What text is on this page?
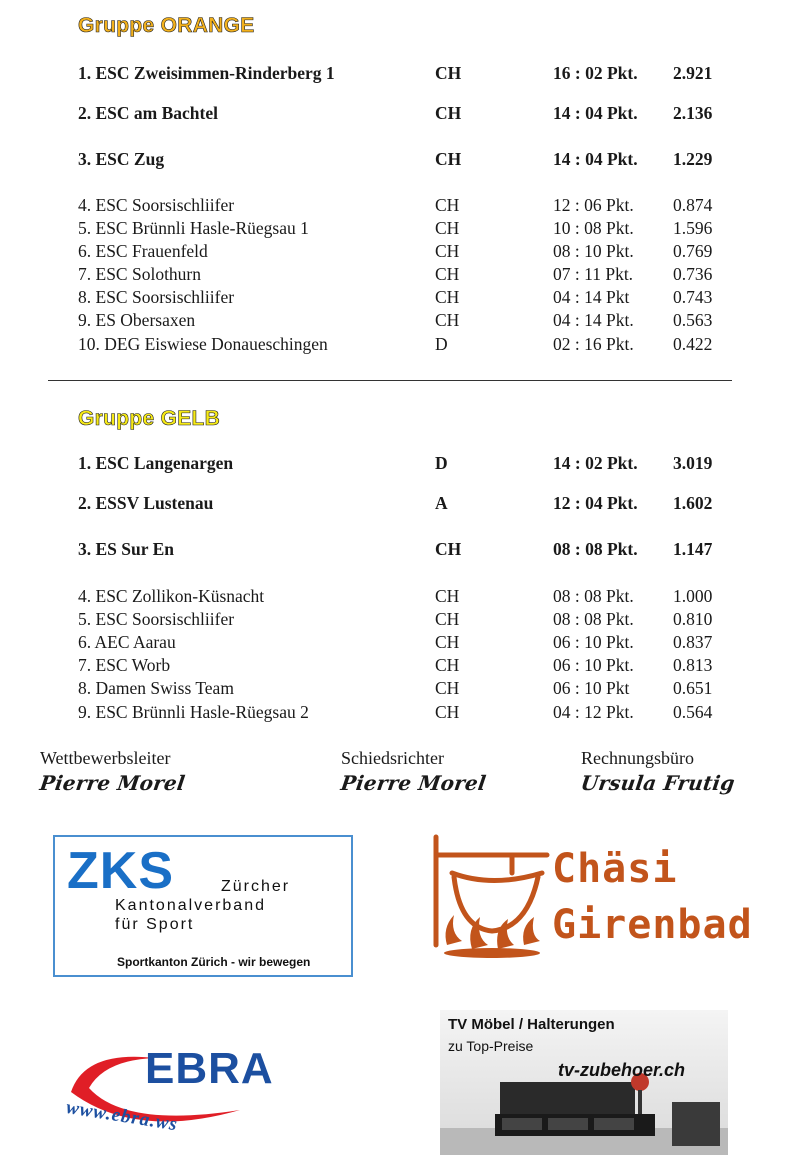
Gruppe ORANGE
1. ESC Zweisimmen-Rinderberg 1	CH	16 : 02 Pkt. 2.921
2. ESC am Bachtel	CH	14 : 04 Pkt. 2.136
3. ESC Zug	CH	14 : 04 Pkt. 1.229
4. ESC Soorsischliifer	CH	12 : 06 Pkt. 0.874
5. ESC Brünnli Hasle-Rüegsau 1	CH	10 : 08 Pkt. 1.596
6. ESC Frauenfeld	CH	08 : 10 Pkt. 0.769
7. ESC Solothurn	CH	07 : 11 Pkt. 0.736
8. ESC Soorsischliifer	CH	04 : 14 Pkt 0.743
9. ES Obersaxen	CH	04 : 14 Pkt. 0.563
10. DEG Eiswiese Donaueschingen	D	02 : 16 Pkt. 0.422
Gruppe GELB
1. ESC Langenargen	D	14 : 02 Pkt. 3.019
2. ESSV Lustenau	A	12 : 04 Pkt. 1.602
3. ES Sur En	CH	08 : 08 Pkt. 1.147
4. ESC Zollikon-Küsnacht	CH	08 : 08 Pkt. 1.000
5. ESC Soorsischliifer	CH	08 : 08 Pkt. 0.810
6. AEC Aarau	CH	06 : 10 Pkt. 0.837
7. ESC Worb	CH	06 : 10 Pkt. 0.813
8. Damen Swiss Team	CH	06 : 10 Pkt 0.651
9. ESC Brünnli Hasle-Rüegsau 2	CH	04 : 12 Pkt. 0.564
Wettbewerbsleiter
Pierre Morel
Schiedsrichter
Pierre Morel
Rechnungsbüro
Ursula Frutig
ZKS	Zürcher
Kantonalverband
für Sport
Sportkanton Zürich - wir bewegen
Chäsi
Girenbad
EBRA
www.ebra.ws
TV Möbel / Halterungen
zu Top-Preise
tv-zubehoer.ch
